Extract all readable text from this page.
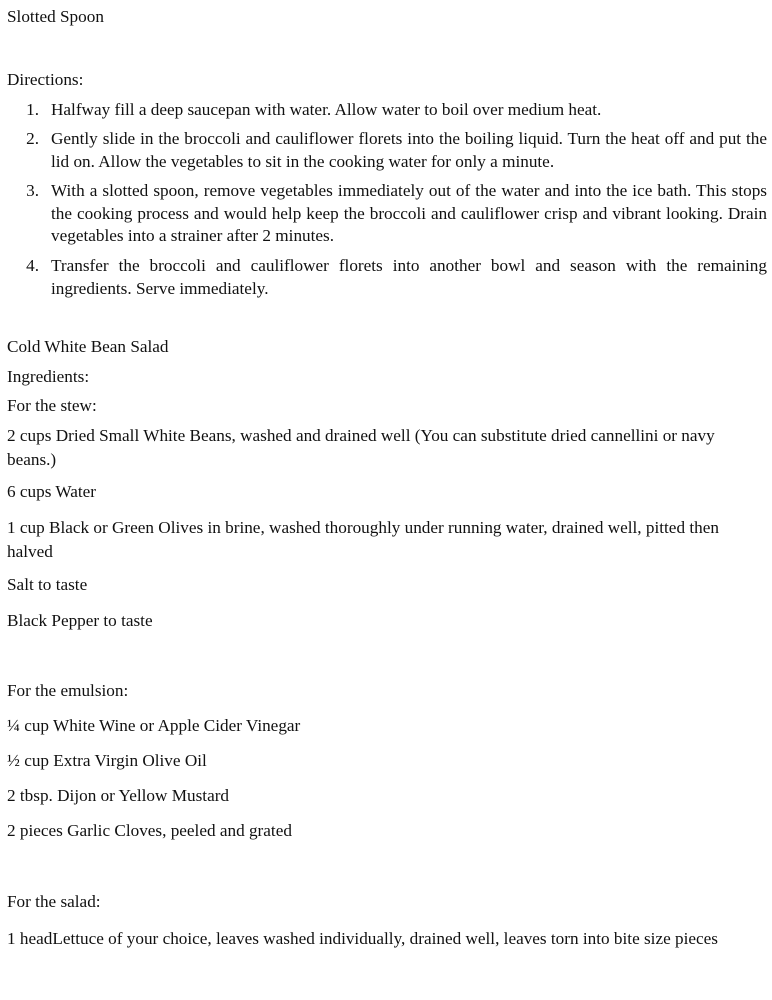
Slotted Spoon

Directions:

1. Halfway fill a deep saucepan with water. Allow water to boil over medium heat.

2. Gently slide in the broccoli and cauliflower florets into the boiling liquid. Turn the heat off and put the lid on. Allow the vegetables to sit in the cooking water for only a minute.

3. With a slotted spoon, remove vegetables immediately out of the water and into the ice bath. This stops the cooking process and would help keep the broccoli and cauliflower crisp and vibrant looking. Drain vegetables into a strainer after 2 minutes.

4. Transfer the broccoli and cauliflower florets into another bowl and season with the remaining ingredients. Serve immediately.

Cold White Bean Salad

Ingredients:

For the stew:

2 cups Dried Small White Beans, washed and drained well (You can substitute dried cannellini or navy beans.)

6 cups Water

1 cup Black or Green Olives in brine, washed thoroughly under running water, drained well, pitted then halved

Salt to taste

Black Pepper to taste

For the emulsion:

¼ cup White Wine or Apple Cider Vinegar

½ cup Extra Virgin Olive Oil

2 tbsp. Dijon or Yellow Mustard

2 pieces Garlic Cloves, peeled and grated

For the salad:

1 headLettuce of your choice, leaves washed individually, drained well, leaves torn into bite size pieces
